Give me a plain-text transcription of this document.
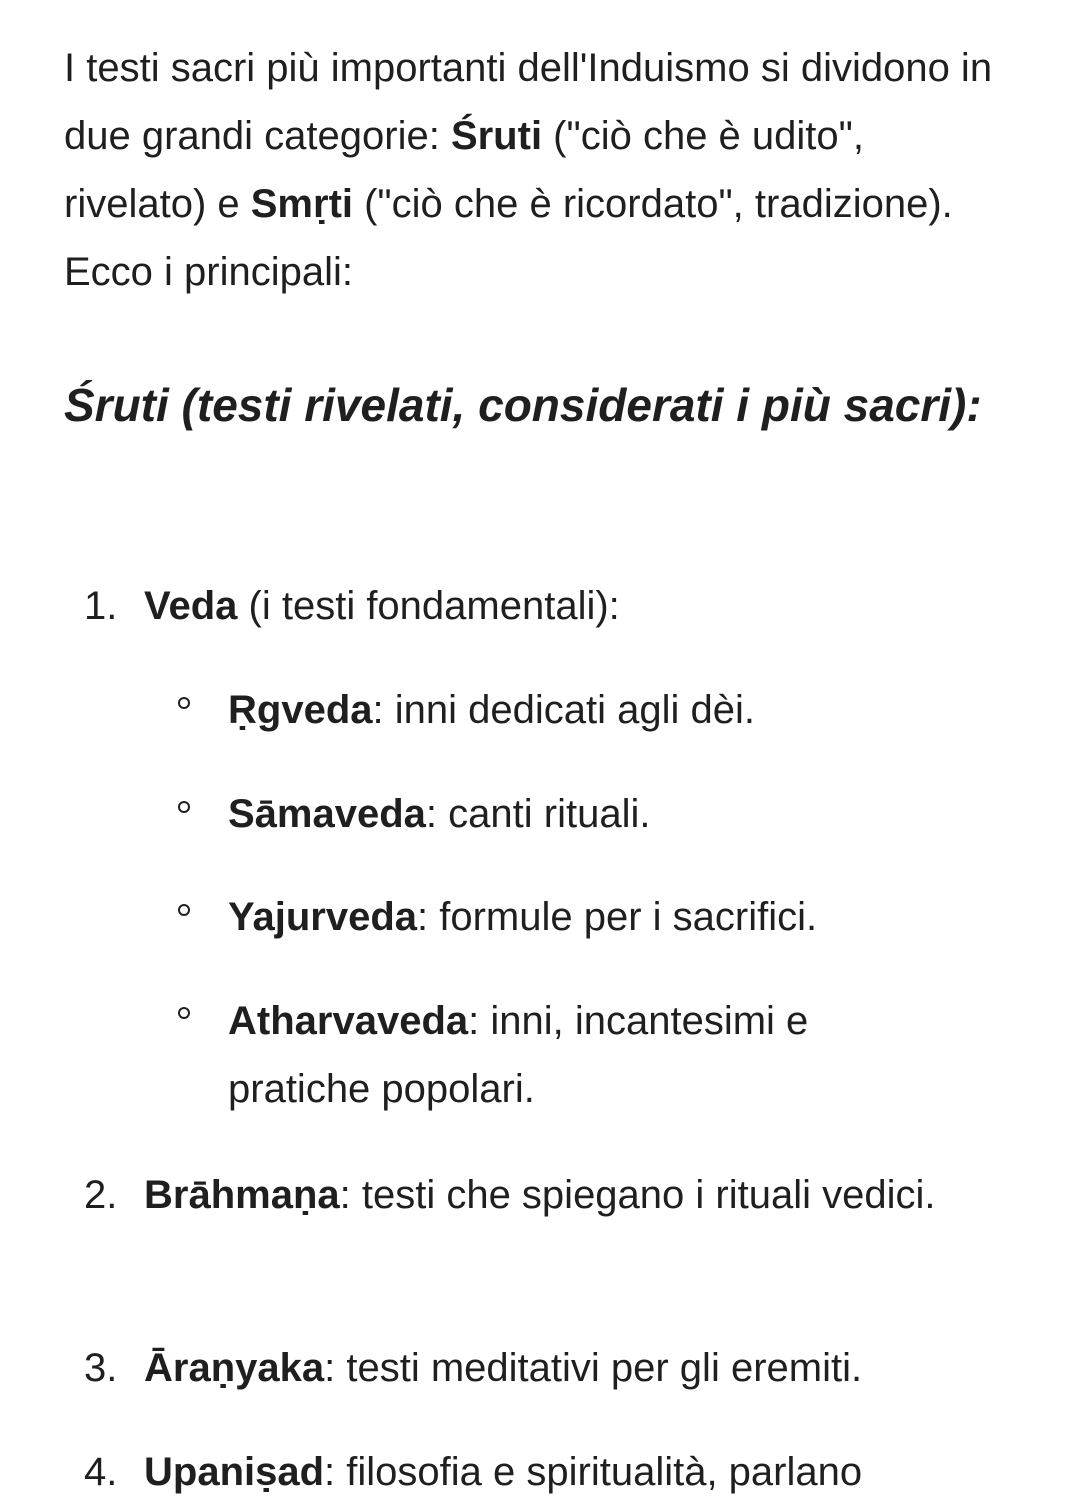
I testi sacri più importanti dell'Induismo si dividono in due grandi categorie: Śruti ("ciò che è udito", rivelato) e Smṛti ("ciò che è ricordato", tradizione). Ecco i principali:

Śruti (testi rivelati, considerati i più sacri):
1. Veda (i testi fondamentali):
Ṛgveda: inni dedicati agli dèi.
Sāmaveda: canti rituali.
Yajurveda: formule per i sacrifici.
Atharvaveda: inni, incantesimi e pratiche popolari.
2. Brāhmaṇa: testi che spiegano i rituali vedici.
3. Āraṇyaka: testi meditativi per gli eremiti.
4. Upaniṣad: filosofia e spiritualità, parlano
